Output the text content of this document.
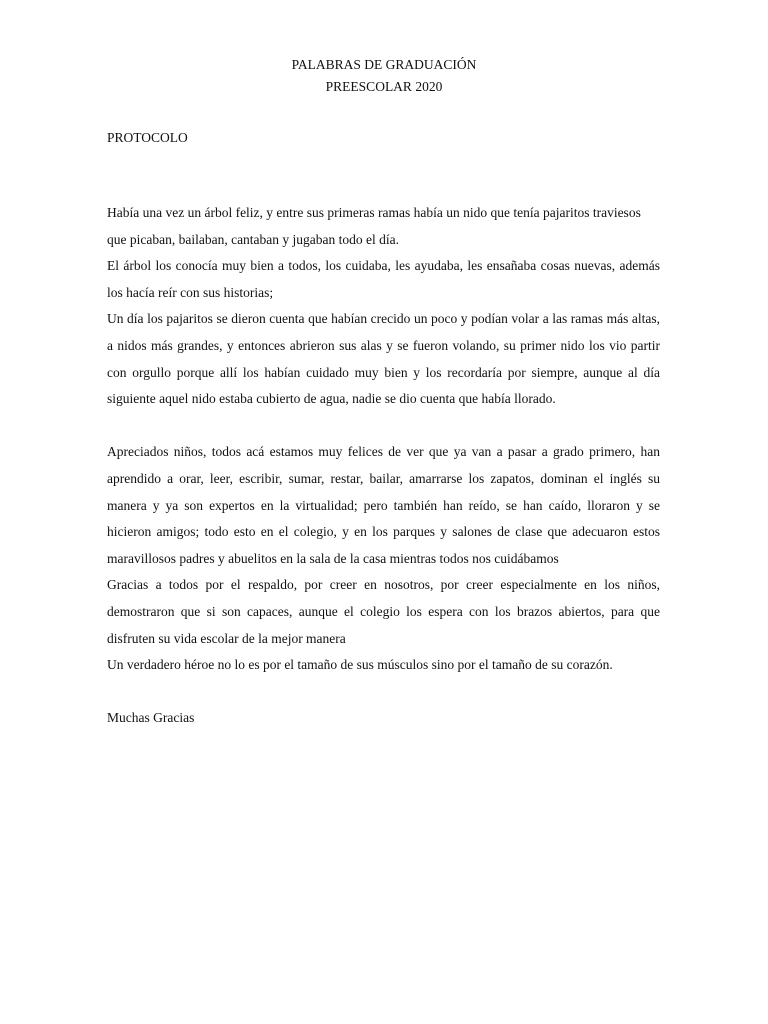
PALABRAS DE GRADUACIÓN
PREESCOLAR 2020
PROTOCOLO

Había una vez un árbol feliz, y entre sus primeras ramas había un nido que tenía pajaritos traviesos que picaban, bailaban, cantaban y jugaban todo el día.

El árbol los conocía muy bien a todos, los cuidaba, les ayudaba, les ensañaba cosas nuevas, además los hacía reír con sus historias;

Un día los pajaritos se dieron cuenta que habían crecido un poco y podían volar a las ramas más altas, a nidos más grandes, y entonces abrieron sus alas y se fueron volando, su primer nido los vio partir con orgullo porque allí los habían cuidado muy bien y los recordaría por siempre, aunque al día siguiente aquel nido estaba cubierto de agua, nadie se dio cuenta que había llorado.

Apreciados niños, todos acá estamos muy felices de ver que ya van a pasar a grado primero, han aprendido a orar, leer, escribir, sumar, restar, bailar, amarrarse los zapatos, dominan el inglés su manera y ya son expertos en la virtualidad; pero también han reído, se han caído, lloraron y se hicieron amigos; todo esto en el colegio, y en los parques y salones de clase que adecuaron estos maravillosos padres y abuelitos en la sala de la casa mientras todos nos cuidábamos

Gracias a todos por el respaldo, por creer en nosotros, por creer especialmente en los niños, demostraron que si son capaces, aunque el colegio los espera con los brazos abiertos, para que disfruten su vida escolar de la mejor manera

Un verdadero héroe no lo es por el tamaño de sus músculos sino por el tamaño de su corazón.

Muchas Gracias
